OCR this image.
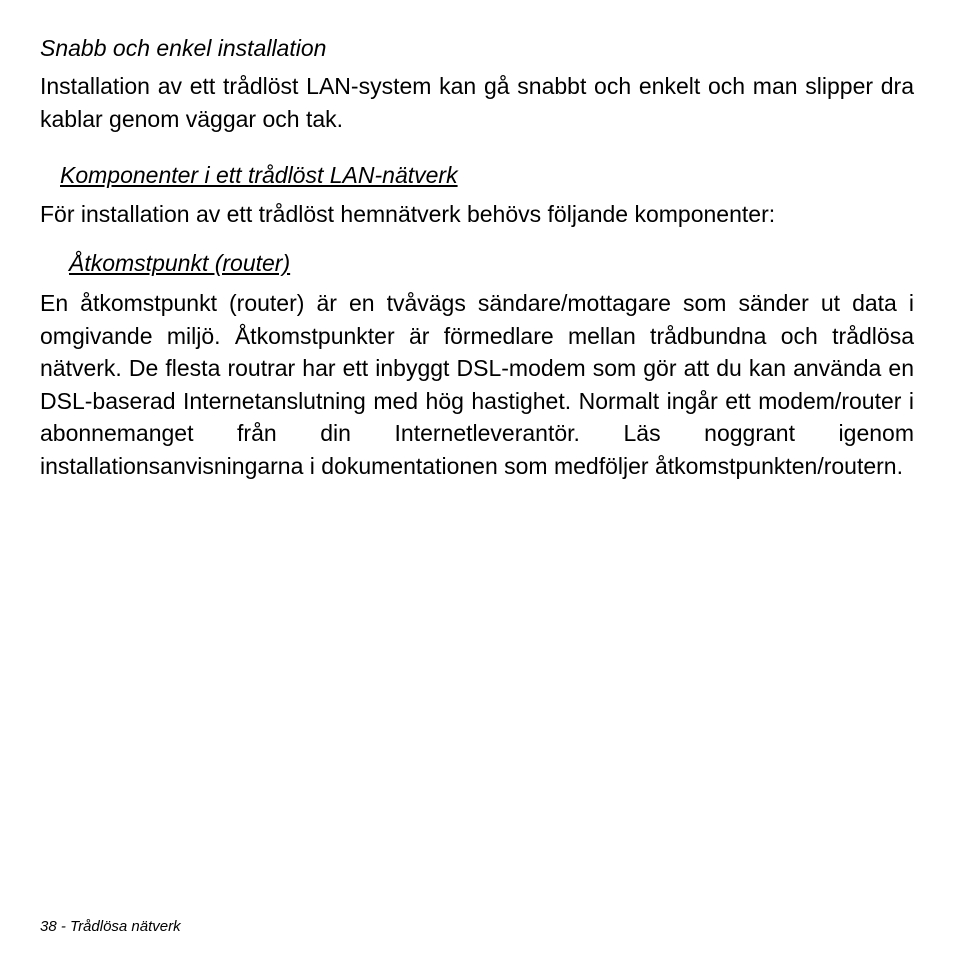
Snabb och enkel installation

Installation av ett trådlöst LAN-system kan gå snabbt och enkelt och man slipper dra kablar genom väggar och tak.

Komponenter i ett trådlöst LAN-nätverk

För installation av ett trådlöst hemnätverk behövs följande komponenter:

Åtkomstpunkt (router)

En åtkomstpunkt (router) är en tvåvägs sändare/mottagare som sänder ut data i omgivande miljö. Åtkomstpunkter är förmedlare mellan trådbundna och trådlösa nätverk. De flesta routrar har ett inbyggt DSL-modem som gör att du kan använda en DSL-baserad Internetanslutning med hög hastighet. Normalt ingår ett modem/router i abonnemanget från din Internetleverantör. Läs noggrant igenom installationsanvisningarna i dokumentationen som medföljer åtkomstpunkten/routern.

38 - Trådlösa nätverk
